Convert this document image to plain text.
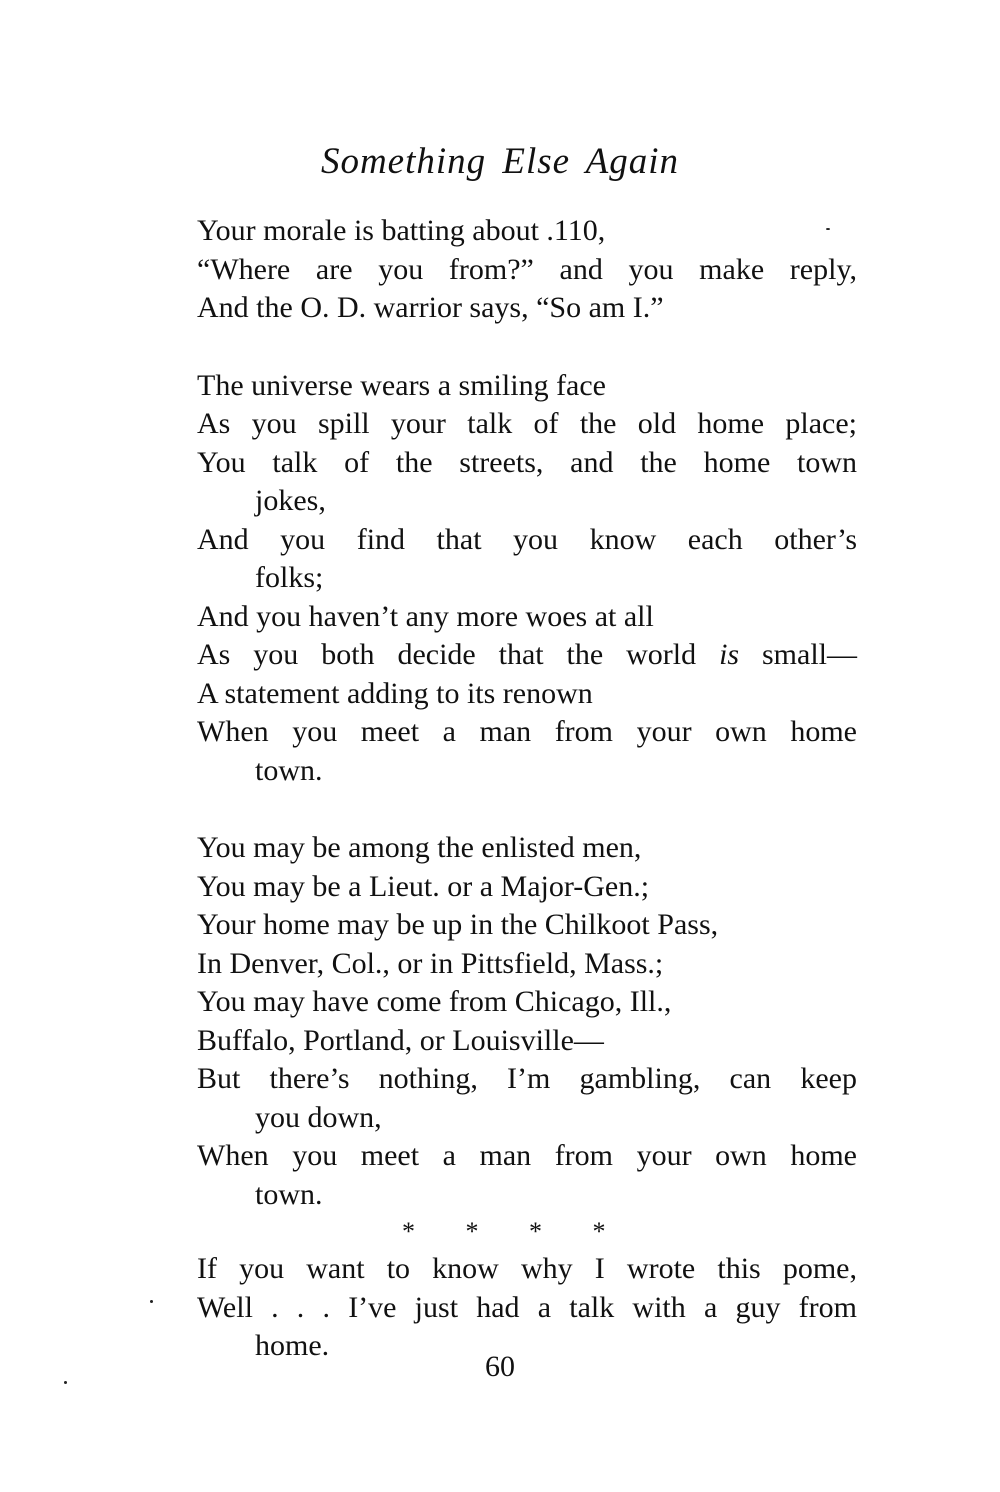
Something Else Again
Your morale is batting about .110,
“Where are you from?” and you make reply,
And the O. D. warrior says, “So am I.”
The universe wears a smiling face
As you spill your talk of the old home place;
You talk of the streets, and the home town
jokes,
And you find that you know each other’s
folks;
And you haven’t any more woes at all
As you both decide that the world is small—
A statement adding to its renown
When you meet a man from your own home
town.
You may be among the enlisted men,
You may be a Lieut. or a Major-Gen.;
Your home may be up in the Chilkoot Pass,
In Denver, Col., or in Pittsfield, Mass.;
You may have come from Chicago, Ill.,
Buffalo, Portland, or Louisville—
But there’s nothing, I’m gambling, can keep
you down,
When you meet a man from your own home
town.
* * * *
If you want to know why I wrote this pome,
Well . . . I’ve just had a talk with a guy from
home.
60
